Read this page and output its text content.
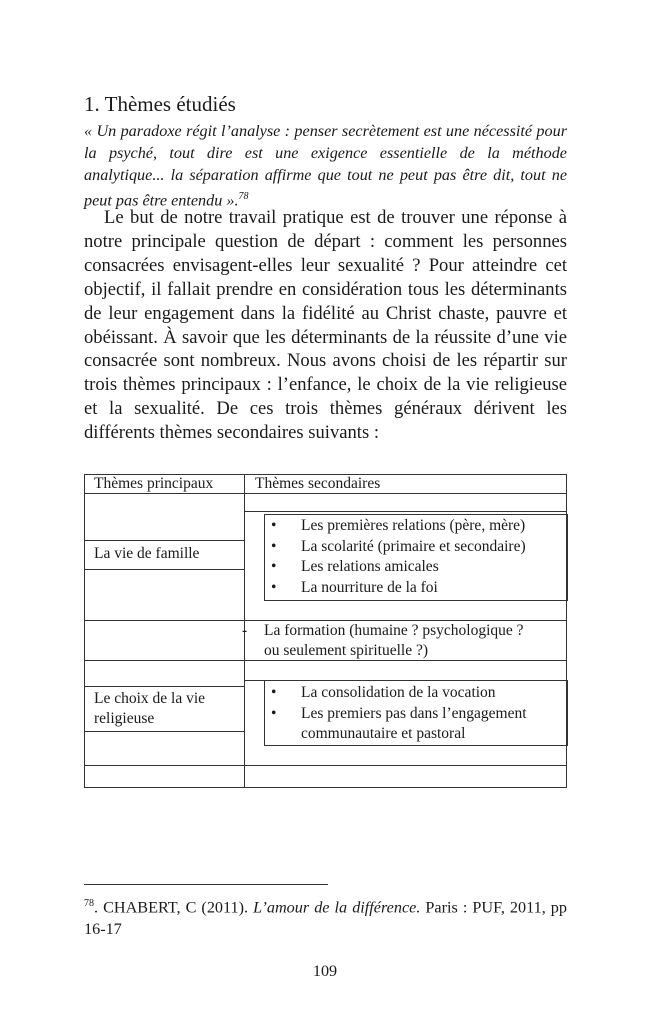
1. Thèmes étudiés

« Un paradoxe régit l’analyse : penser secrètement est une nécessité pour la psyché, tout dire est une exigence essentielle de la méthode analytique... la séparation affirme que tout ne peut pas être dit, tout ne peut pas être entendu ».$^{78}$

Le but de notre travail pratique est de trouver une réponse à notre principale question de départ : comment les personnes consacrées envisagent-elles leur sexualité ? Pour atteindre cet objectif, il fallait prendre en considération tous les déterminants de leur engagement dans la fidélité au Christ chaste, pauvre et obéissant. À savoir que les déterminants de la réussite d’une vie consacrée sont nombreux. Nous avons choisi de les répartir sur trois thèmes principaux : l’enfance, le choix de la vie religieuse et la sexualité. De ces trois thèmes généraux dérivent les différents thèmes secondaires suivants :

Thèmes principaux	Thèmes secondaires
La vie de famille
• Les premières relations (père, mère)
• La scolarité (primaire et secondaire)
• Les relations amicales
• La nourriture de la foi
- La formation (humaine ? psychologique ?
ou seulement spirituelle ?)
Le choix de la vie
religieuse
• La consolidation de la vocation
• Les premiers pas dans l’engagement
communautaire et pastoral

$^{78}$. CHABERT, C (2011). L’amour de la différence. Paris : PUF, 2011, pp 16-17

109
